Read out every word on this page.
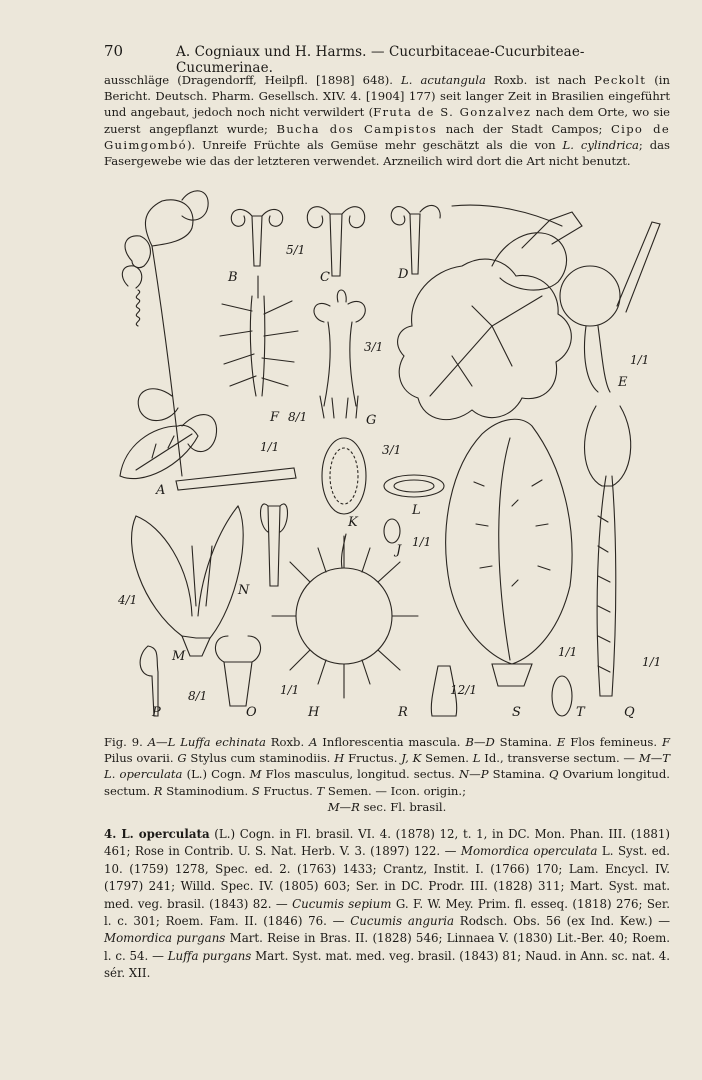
70	A. Cogniaux und H. Harms. — Cucurbitaceae-Cucurbiteae-Cucumerinae.

ausschläge (Dragendorff, Heilpfl. [1898] 648). L. acutangula Roxb. ist nach Peckolt (in Bericht. Deutsch. Pharm. Gesellsch. XIV. 4. [1904] 177) seit langer Zeit in Brasilien eingeführt und angebaut, jedoch noch nicht verwildert (Fruta de S. Gonzalvez nach dem Orte, wo sie zuerst angepflanzt wurde; Bucha dos Campistos nach der Stadt Campos; Cipo de Guimgombó). Unreife Früchte als Gemüse mehr geschätzt als die von L. cylindrica; das Fasergewebe wie das der letzteren verwendet. Arzneilich wird dort die Art nicht benutzt.

B	C	D
5/1
3/1
1/1
E
F 8/1	G
1/1	3/1
A
K
L
J
1/1
N
4/1
M
8/1	1/1	12/1
1/1
1/1
P	O	H	R	S	T	Q
Fig. 9. A—L Luffa echinata Roxb. A Inflorescentia mascula. B—D Stamina. E Flos femineus. F Pilus ovarii. G Stylus cum staminodiis. H Fructus. J, K Semen. L Id., transverse sectum. — M—T L. operculata (L.) Cogn. M Flos masculus, longitud. sectus. N—P Stamina. Q Ovarium longitud. sectum. R Staminodium. S Fructus. T Semen. — Icon. origin.;
M—R sec. Fl. brasil.
4. L. operculata (L.) Cogn. in Fl. brasil. VI. 4. (1878) 12, t. 1, in DC. Mon. Phan. III. (1881) 461; Rose in Contrib. U. S. Nat. Herb. V. 3. (1897) 122. — Momordica operculata L. Syst. ed. 10. (1759) 1278, Spec. ed. 2. (1763) 1433; Crantz, Instit. I. (1766) 170; Lam. Encycl. IV. (1797) 241; Willd. Spec. IV. (1805) 603; Ser. in DC. Prodr. III. (1828) 311; Mart. Syst. mat. med. veg. brasil. (1843) 82. — Cucumis sepium G. F. W. Mey. Prim. fl. esseq. (1818) 276; Ser. l. c. 301; Roem. Fam. II. (1846) 76. — Cucumis anguria Rodsch. Obs. 56 (ex Ind. Kew.) — Momordica purgans Mart. Reise in Bras. II. (1828) 546; Linnaea V. (1830) Lit.-Ber. 40; Roem. l. c. 54. — Luffa purgans Mart. Syst. mat. med. veg. brasil. (1843) 81; Naud. in Ann. sc. nat. 4. sér. XII.
